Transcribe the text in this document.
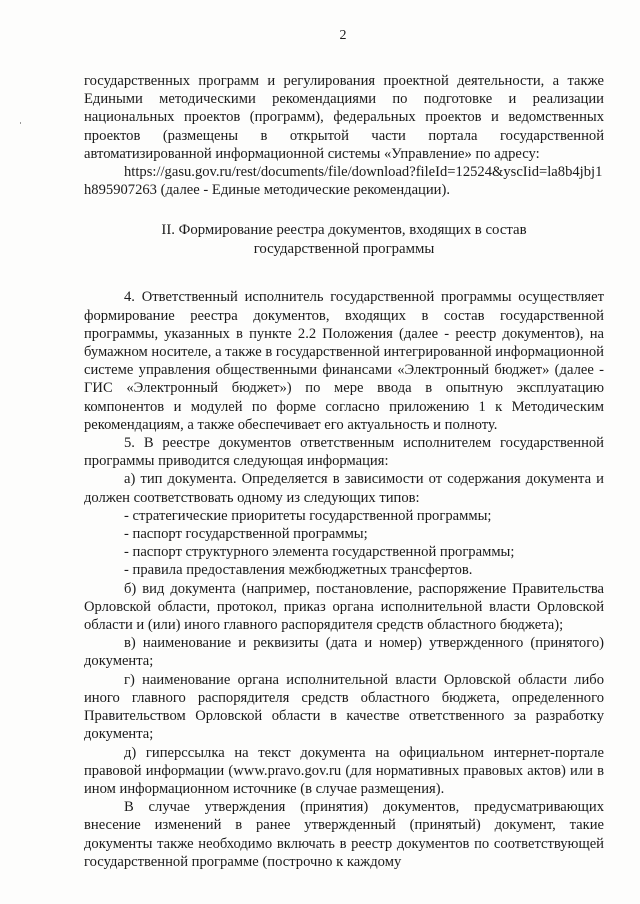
2

государственных программ и регулирования проектной деятельности, а также Едиными методическими рекомендациями по подготовке и реализации национальных проектов (программ), федеральных проектов и ведомственных проектов (размещены в открытой части портала государственной автоматизированной информационной системы «Управление» по адресу:

https://gasu.gov.ru/rest/documents/file/download?fileId=12524&yscIid=la8b4jbj1h895907263 (далее - Единые методические рекомендации).

II. Формирование реестра документов, входящих в состав
государственной программы

4. Ответственный исполнитель государственной программы осуществляет формирование реестра документов, входящих в состав государственной программы, указанных в пункте 2.2 Положения (далее - реестр документов), на бумажном носителе, а также в государственной интегрированной информационной системе управления общественными финансами «Электронный бюджет» (далее - ГИС «Электронный бюджет») по мере ввода в опытную эксплуатацию компонентов и модулей по форме согласно приложению 1 к Методическим рекомендациям, а также обеспечивает его актуальность и полноту.

5. В реестре документов ответственным исполнителем государственной программы приводится следующая информация:

а) тип документа. Определяется в зависимости от содержания документа и должен соответствовать одному из следующих типов:

- стратегические приоритеты государственной программы;

- паспорт государственной программы;

- паспорт структурного элемента государственной программы;

- правила предоставления межбюджетных трансфертов.

б) вид документа (например, постановление, распоряжение Правительства Орловской области, протокол, приказ органа исполнительной власти Орловской области и (или) иного главного распорядителя средств областного бюджета);

в) наименование и реквизиты (дата и номер) утвержденного (принятого) документа;

г) наименование органа исполнительной власти Орловской области либо иного главного распорядителя средств областного бюджета, определенного Правительством Орловской области в качестве ответственного за разработку документа;

д) гиперссылка на текст документа на официальном интернет-портале правовой информации (www.pravo.gov.ru (для нормативных правовых актов) или в ином информационном источнике (в случае размещения).

В случае утверждения (принятия) документов, предусматривающих внесение изменений в ранее утвержденный (принятый) документ, такие документы также необходимо включать в реестр документов по соответствующей государственной программе (построчно к каждому
